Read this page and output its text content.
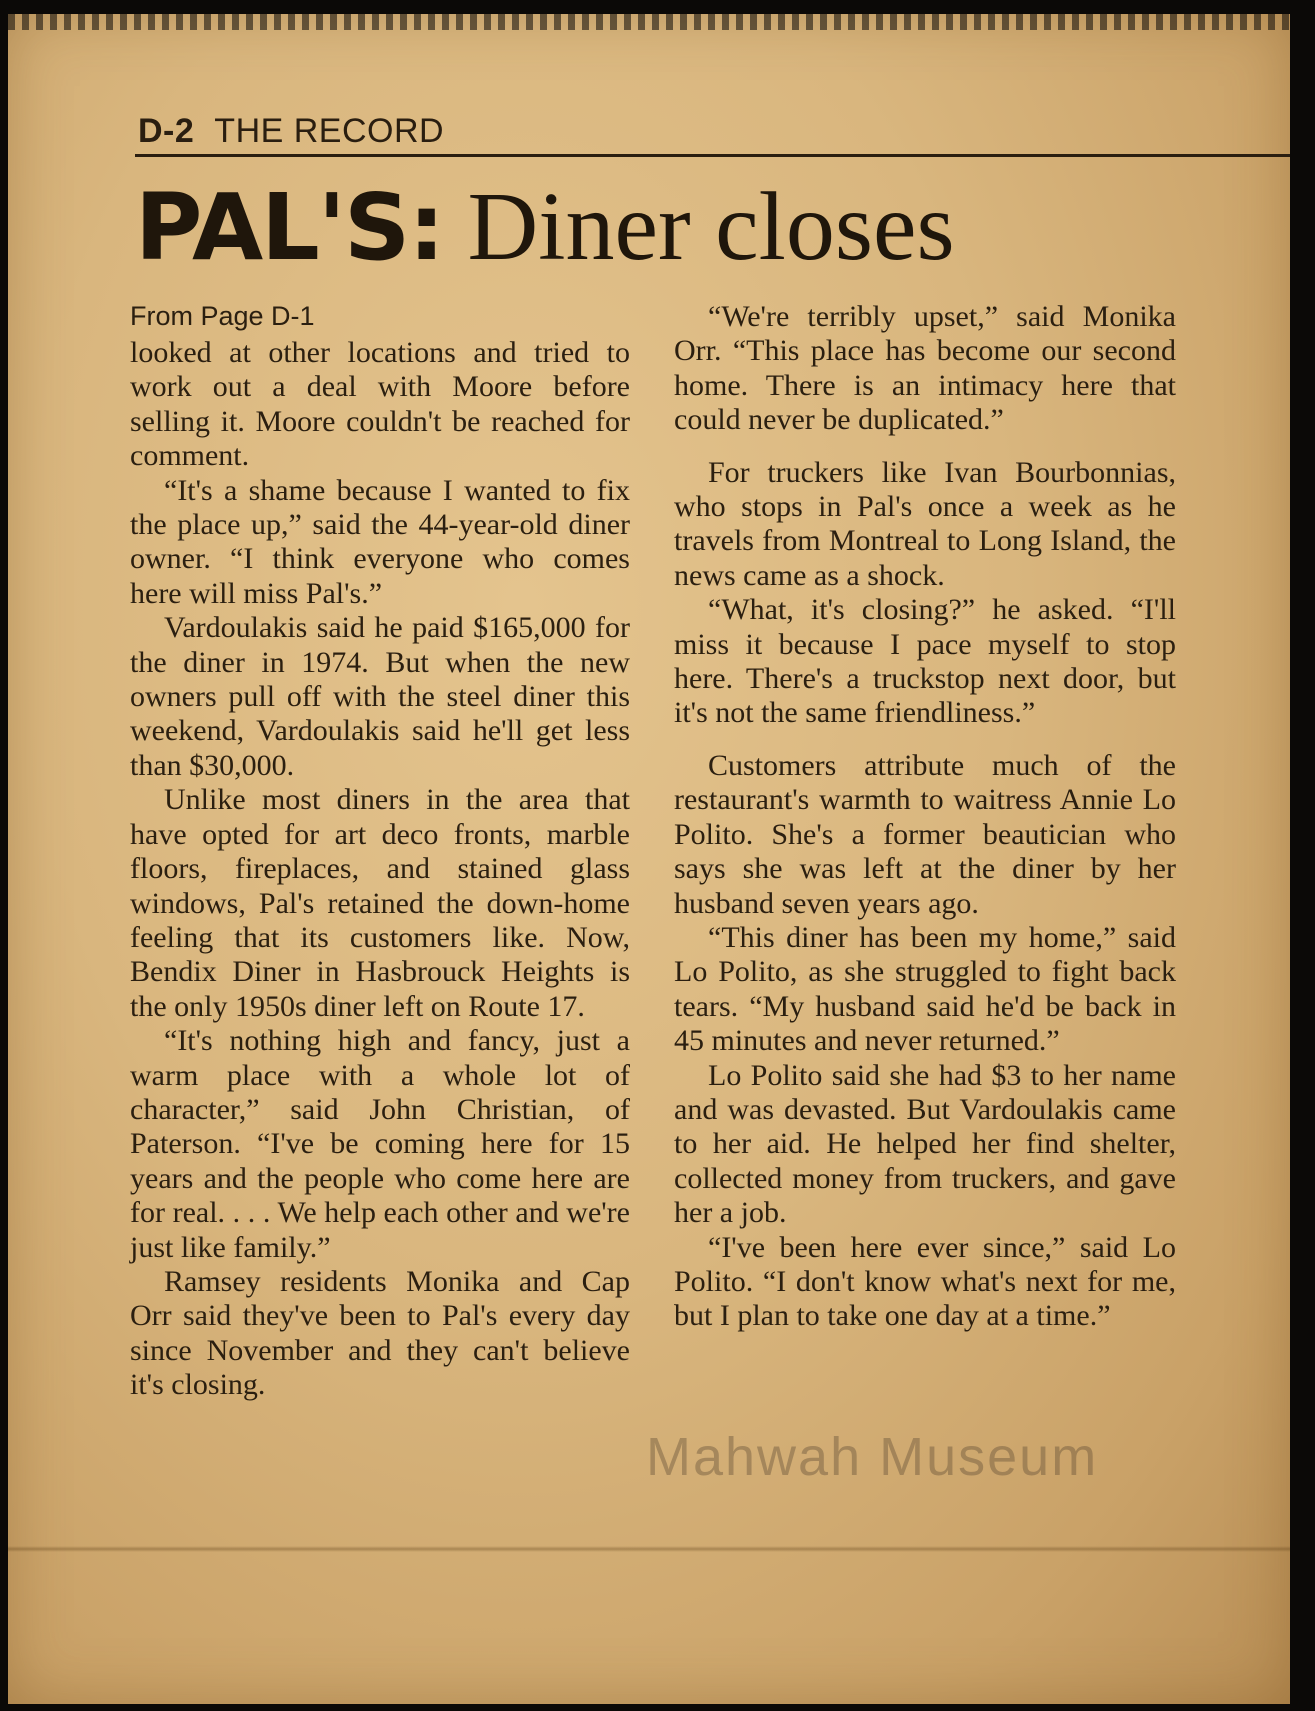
D-2 THE RECORD
PAL'S: Diner closes
From Page D-1

looked at other locations and tried to work out a deal with Moore before selling it. Moore couldn't be reached for comment.

“It's a shame because I wanted to fix the place up,” said the 44-year-old diner owner. “I think everyone who comes here will miss Pal's.”

Vardoulakis said he paid $165,000 for the diner in 1974. But when the new owners pull off with the steel diner this weekend, Vardoulakis said he'll get less than $30,000.

Unlike most diners in the area that have opted for art deco fronts, marble floors, fireplaces, and stained glass windows, Pal's retained the down-home feeling that its customers like. Now, Bendix Diner in Hasbrouck Heights is the only 1950s diner left on Route 17.

“It's nothing high and fancy, just a warm place with a whole lot of character,” said John Christian, of Paterson. “I've be coming here for 15 years and the people who come here are for real. . . . We help each other and we're just like family.”

Ramsey residents Monika and Cap Orr said they've been to Pal's every day since November and they can't believe it's closing.

“We're terribly upset,” said Monika Orr. “This place has become our second home. There is an intimacy here that could never be duplicated.”

For truckers like Ivan Bourbonnias, who stops in Pal's once a week as he travels from Montreal to Long Island, the news came as a shock.

“What, it's closing?” he asked. “I'll miss it because I pace myself to stop here. There's a truckstop next door, but it's not the same friendliness.”

Customers attribute much of the restaurant's warmth to waitress Annie Lo Polito. She's a former beautician who says she was left at the diner by her husband seven years ago.

“This diner has been my home,” said Lo Polito, as she struggled to fight back tears. “My husband said he'd be back in 45 minutes and never returned.”

Lo Polito said she had $3 to her name and was devasted. But Vardoulakis came to her aid. He helped her find shelter, collected money from truckers, and gave her a job.

“I've been here ever since,” said Lo Polito. “I don't know what's next for me, but I plan to take one day at a time.”

Mahwah Museum
